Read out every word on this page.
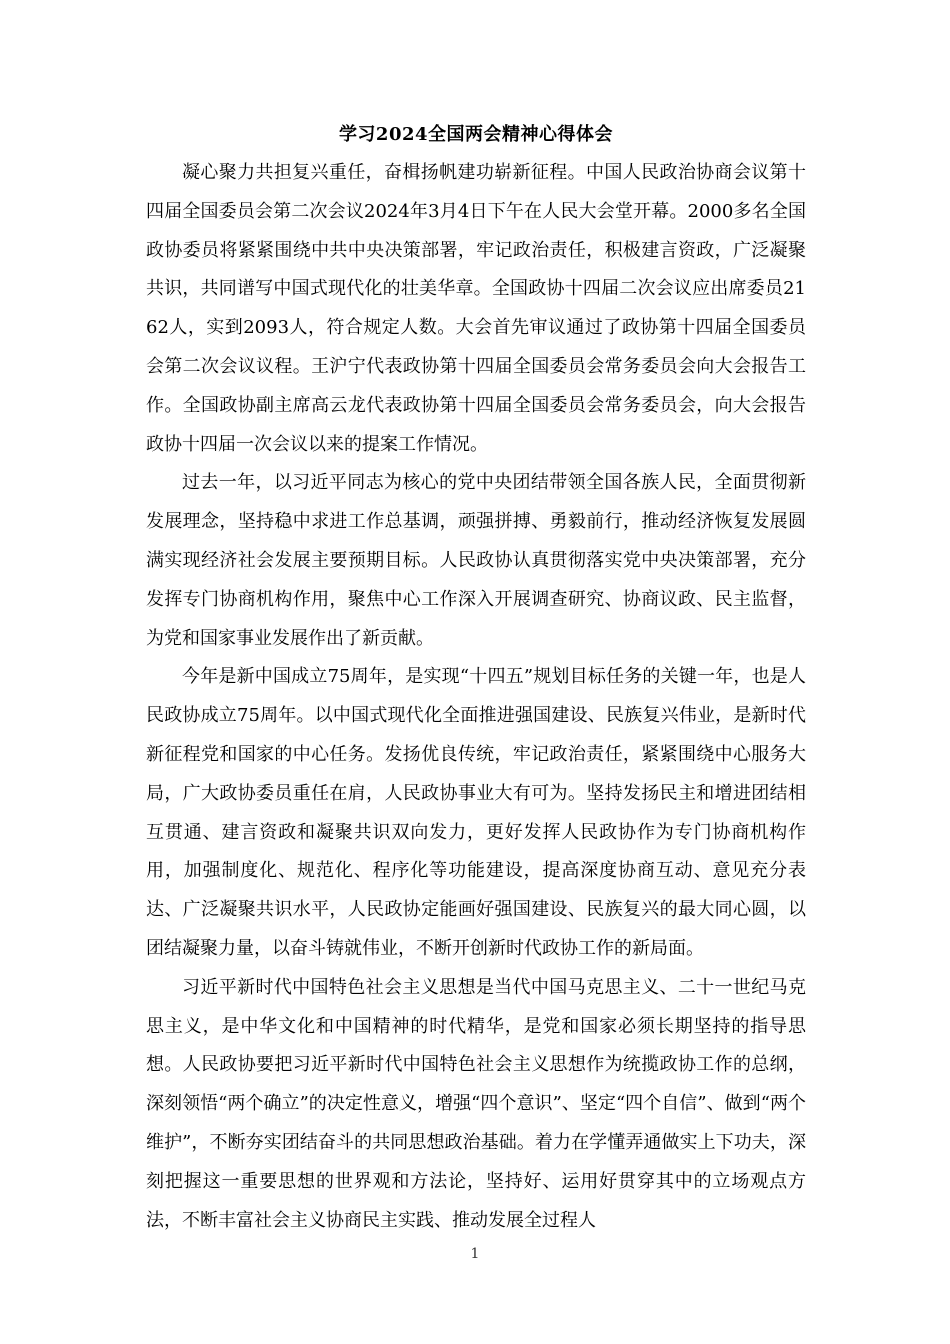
学习2024全国两会精神心得体会

凝心聚力共担复兴重任，奋楫扬帆建功崭新征程。中国人民政治协商会议第十四届全国委员会第二次会议2024年3月4日下午在人民大会堂开幕。2000多名全国政协委员将紧紧围绕中共中央决策部署，牢记政治责任，积极建言资政，广泛凝聚共识，共同谱写中国式现代化的壮美华章。全国政协十四届二次会议应出席委员2162人，实到2093人，符合规定人数。大会首先审议通过了政协第十四届全国委员会第二次会议议程。王沪宁代表政协第十四届全国委员会常务委员会向大会报告工作。全国政协副主席高云龙代表政协第十四届全国委员会常务委员会，向大会报告政协十四届一次会议以来的提案工作情况。

过去一年，以习近平同志为核心的党中央团结带领全国各族人民，全面贯彻新发展理念，坚持稳中求进工作总基调，顽强拼搏、勇毅前行，推动经济恢复发展圆满实现经济社会发展主要预期目标。人民政协认真贯彻落实党中央决策部署，充分发挥专门协商机构作用，聚焦中心工作深入开展调查研究、协商议政、民主监督，为党和国家事业发展作出了新贡献。

今年是新中国成立75周年，是实现“十四五”规划目标任务的关键一年，也是人民政协成立75周年。以中国式现代化全面推进强国建设、民族复兴伟业，是新时代新征程党和国家的中心任务。发扬优良传统，牢记政治责任，紧紧围绕中心服务大局，广大政协委员重任在肩，人民政协事业大有可为。坚持发扬民主和增进团结相互贯通、建言资政和凝聚共识双向发力，更好发挥人民政协作为专门协商机构作用，加强制度化、规范化、程序化等功能建设，提高深度协商互动、意见充分表达、广泛凝聚共识水平，人民政协定能画好强国建设、民族复兴的最大同心圆，以团结凝聚力量，以奋斗铸就伟业，不断开创新时代政协工作的新局面。

习近平新时代中国特色社会主义思想是当代中国马克思主义、二十一世纪马克思主义，是中华文化和中国精神的时代精华，是党和国家必须长期坚持的指导思想。人民政协要把习近平新时代中国特色社会主义思想作为统揽政协工作的总纲，深刻领悟“两个确立”的决定性意义，增强“四个意识”、坚定“四个自信”、做到“两个维护”，不断夯实团结奋斗的共同思想政治基础。着力在学懂弄通做实上下功夫，深刻把握这一重要思想的世界观和方法论，坚持好、运用好贯穿其中的立场观点方法，不断丰富社会主义协商民主实践、推动发展全过程人

1
